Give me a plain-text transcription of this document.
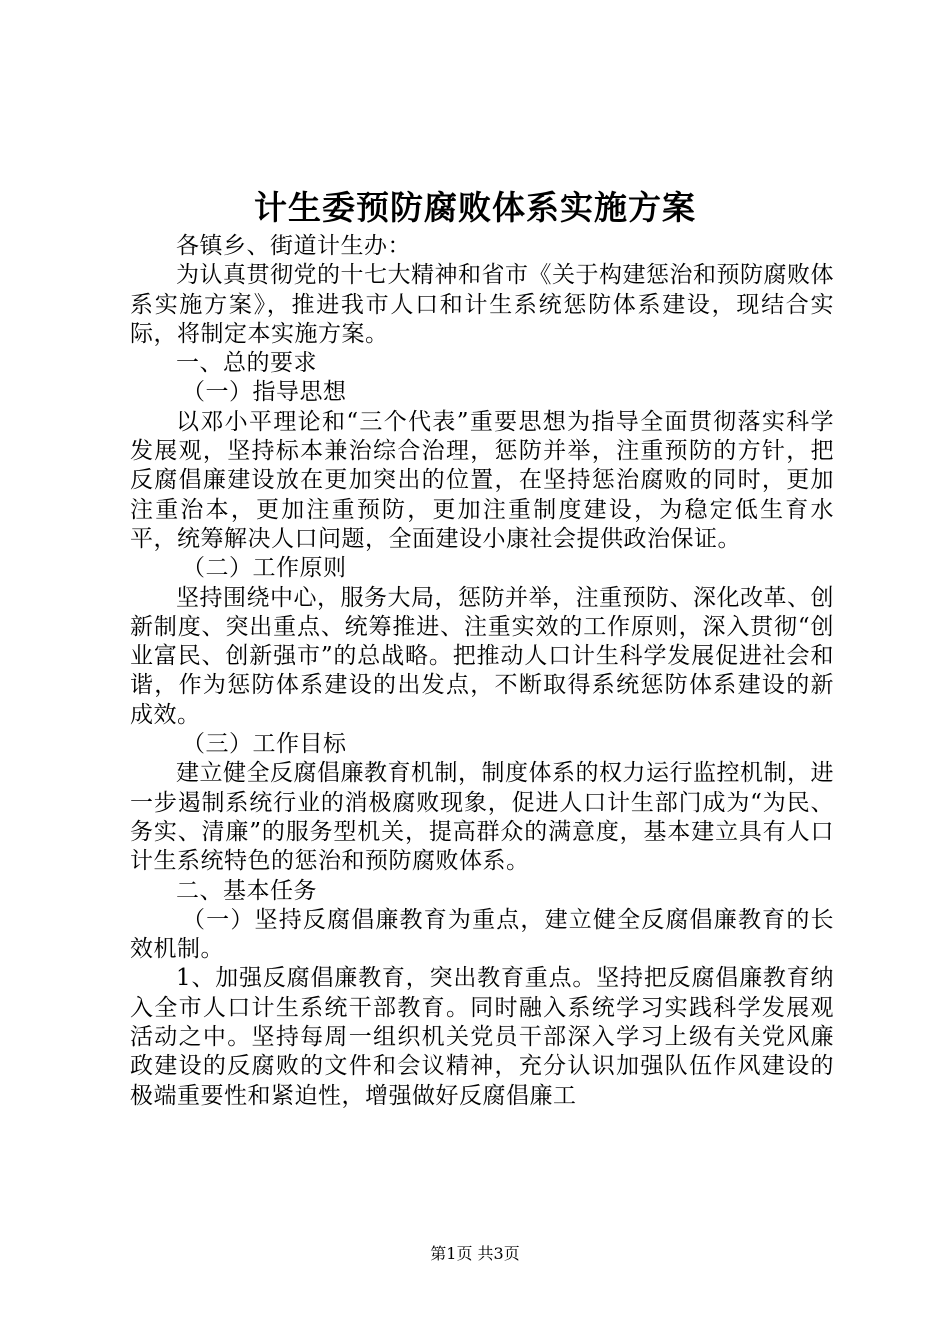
计生委预防腐败体系实施方案

各镇乡、街道计生办：

为认真贯彻党的十七大精神和省市《关于构建惩治和预防腐败体系实施方案》，推进我市人口和计生系统惩防体系建设，现结合实际，将制定本实施方案。

一、总的要求

（一）指导思想

以邓小平理论和“三个代表”重要思想为指导全面贯彻落实科学发展观，坚持标本兼治综合治理，惩防并举，注重预防的方针，把反腐倡廉建设放在更加突出的位置，在坚持惩治腐败的同时，更加注重治本，更加注重预防，更加注重制度建设，为稳定低生育水平，统筹解决人口问题，全面建设小康社会提供政治保证。

（二）工作原则

坚持围绕中心，服务大局，惩防并举，注重预防、深化改革、创新制度、突出重点、统筹推进、注重实效的工作原则，深入贯彻“创业富民、创新强市”的总战略。把推动人口计生科学发展促进社会和谐，作为惩防体系建设的出发点，不断取得系统惩防体系建设的新成效。

（三）工作目标

建立健全反腐倡廉教育机制，制度体系的权力运行监控机制，进一步遏制系统行业的消极腐败现象，促进人口计生部门成为“为民、务实、清廉”的服务型机关，提高群众的满意度，基本建立具有人口计生系统特色的惩治和预防腐败体系。

二、基本任务

（一）坚持反腐倡廉教育为重点，建立健全反腐倡廉教育的长效机制。

1、加强反腐倡廉教育，突出教育重点。坚持把反腐倡廉教育纳入全市人口计生系统干部教育。同时融入系统学习实践科学发展观活动之中。坚持每周一组织机关党员干部深入学习上级有关党风廉政建设的反腐败的文件和会议精神，充分认识加强队伍作风建设的极端重要性和紧迫性，增强做好反腐倡廉工

第1页 共3页
